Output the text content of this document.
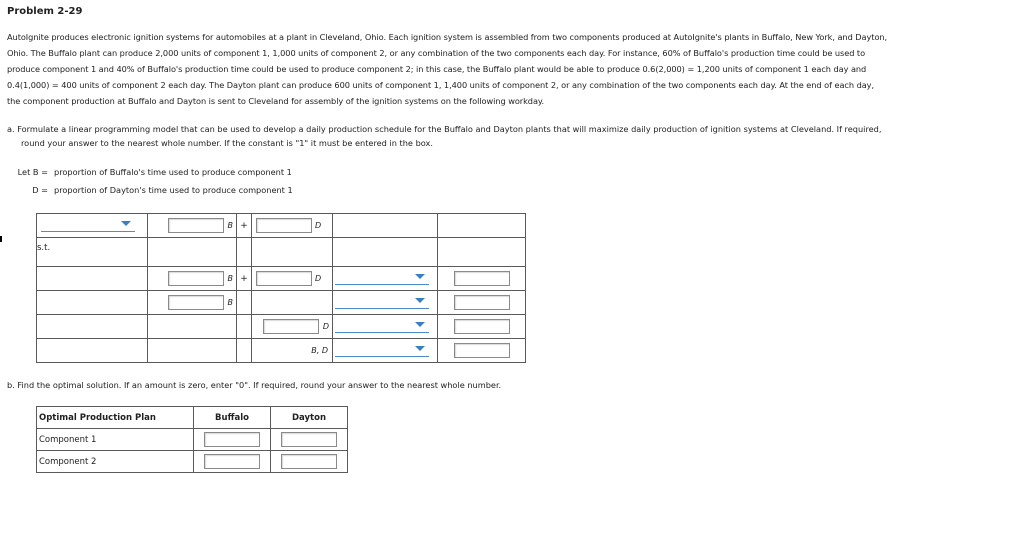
Problem 2-29
AutoIgnite produces electronic ignition systems for automobiles at a plant in Cleveland, Ohio. Each ignition system is assembled from two components produced at AutoIgnite's plants in Buffalo, New York, and Dayton,
Ohio. The Buffalo plant can produce 2,000 units of component 1, 1,000 units of component 2, or any combination of the two components each day. For instance, 60% of Buffalo's production time could be used to
produce component 1 and 40% of Buffalo's production time could be used to produce component 2; in this case, the Buffalo plant would be able to produce 0.6(2,000) = 1,200 units of component 1 each day and
0.4(1,000) = 400 units of component 2 each day. The Dayton plant can produce 600 units of component 1, 1,400 units of component 2, or any combination of the two components each day. At the end of each day,
the component production at Buffalo and Dayton is sent to Cleveland for assembly of the ignition systems on the following workday.
a. Formulate a linear programming model that can be used to develop a daily production schedule for the Buffalo and Dayton plants that will maximize daily production of ignition systems at Cleveland. If required,
round your answer to the nearest whole number. If the constant is "1" it must be entered in the box.
Let B = proportion of Buffalo's time used to produce component 1
D = proportion of Dayton's time used to produce component 1

	B	+	D		

s.t.					

	B	+	D		

	B				

			D		

			B, D		

b. Find the optimal solution. If an amount is zero, enter "0". If required, round your answer to the nearest whole number.
Optimal Production Plan	Buffalo	Dayton
Component 1		
Component 2		
